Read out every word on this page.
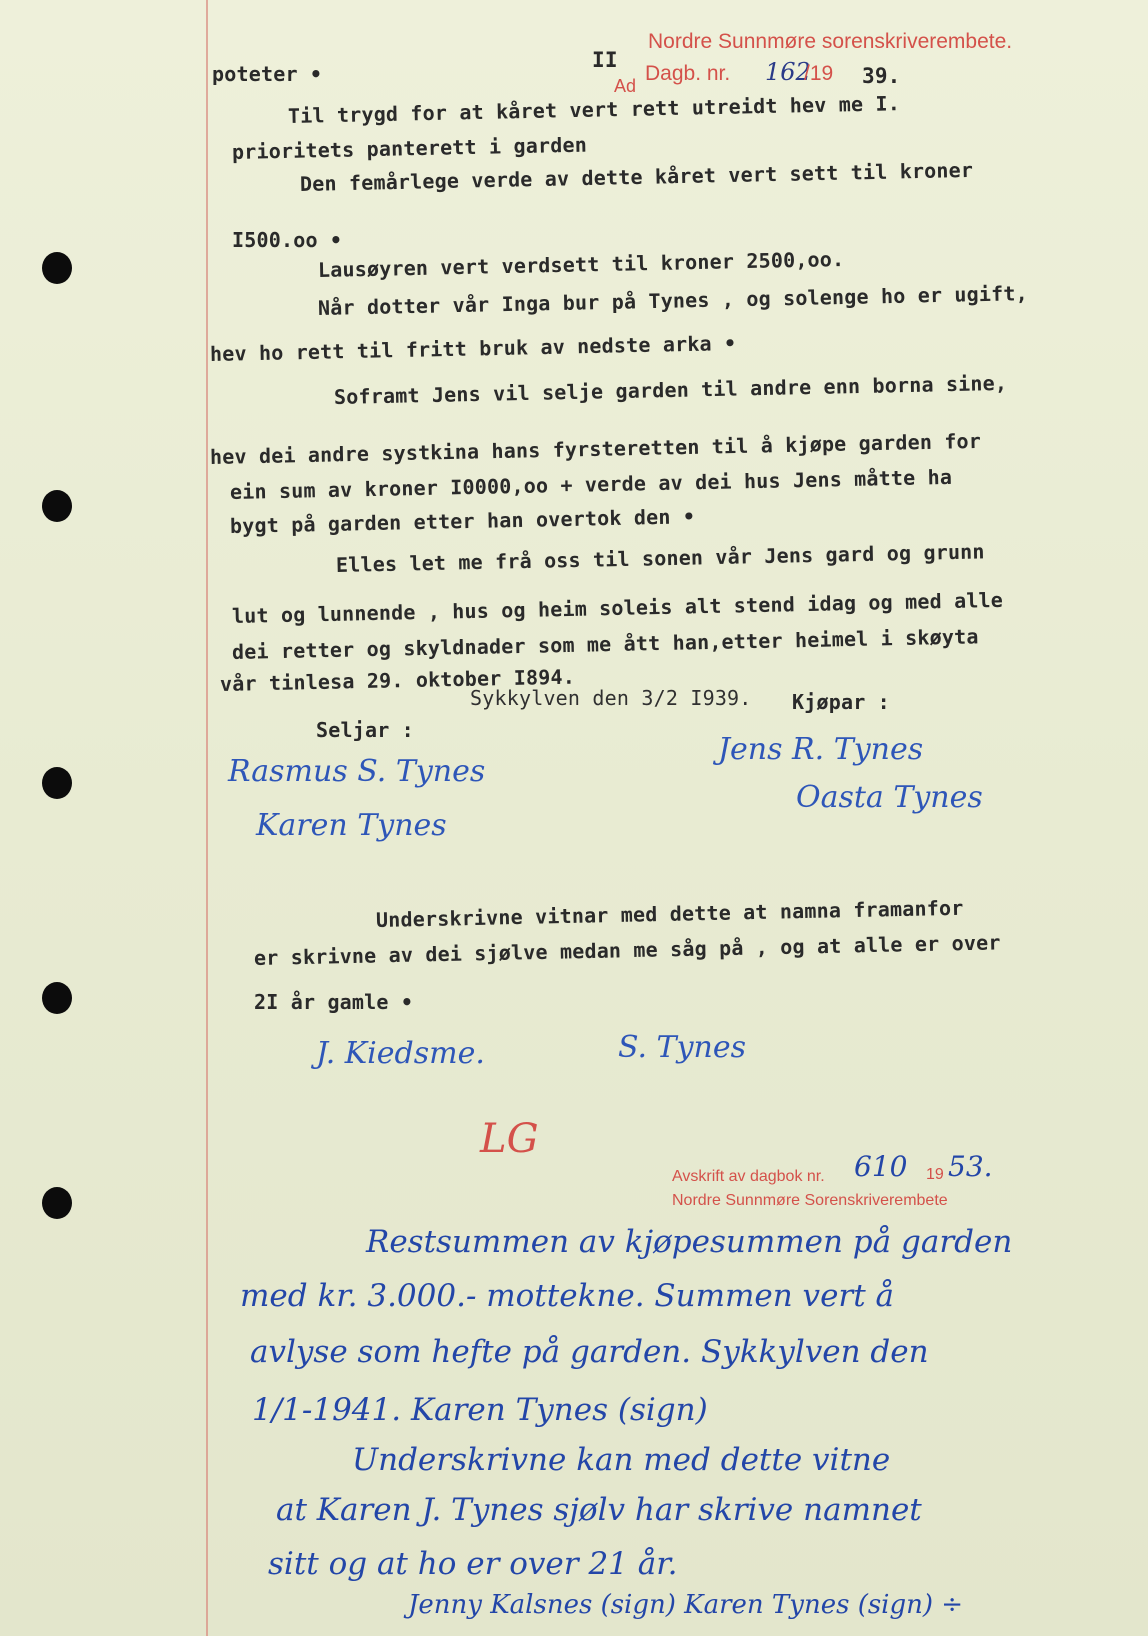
Nordre Sunnmøre sorenskriverembete.
II
Ad
Dagb. nr. 162
/19 39.
poteter •
Til trygd for at kåret vert rett utreidt hev me I.
prioritets panterett i garden
Den femårlege verde av dette kåret vert sett til kroner
I500.oo •
Lausøyren vert verdsett til kroner 2500,oo.
Når dotter vår Inga bur på Tynes , og solenge ho er ugift,
hev ho rett til fritt bruk av nedste arka •
Soframt Jens vil selje garden til andre enn borna sine,
hev dei andre systkina hans fyrsteretten til å kjøpe garden for
ein sum av kroner I0000,oo + verde av dei hus Jens måtte ha
bygt på garden etter han overtok den •
Elles let me frå oss til sonen vår Jens gard og grunn
lut og lunnende , hus og heim soleis alt stend idag og med alle
dei retter og skyldnader som me ått han,etter heimel i skøyta
vår tinlesa 29. oktober I894.
Sykkylven den 3/2 I939. Kjøpar :
Seljar :
Rasmus S. Tynes
Karen Tynes
Jens R. Tynes
Oasta Tynes
Underskrivne vitnar med dette at namna framanfor
er skrivne av dei sjølve medan me såg på , og at alle er over
2I år gamle •
J. Kiedsme.	S. Tynes
LG
Avskrift av dagbok nr. 610 19 53.
Nordre Sunnmøre Sorenskriverembete
Restsummen av kjøpesummen på garden
med kr. 3.000.- mottekne. Summen vert å
avlyse som hefte på garden. Sykkylven den
1/1-1941. Karen Tynes (sign)
Underskrivne kan med dette vitne
at Karen J. Tynes sjølv har skrive namnet
sitt og at ho er over 21 år.
Jenny Kalsnes (sign) Karen Tynes (sign) ÷
